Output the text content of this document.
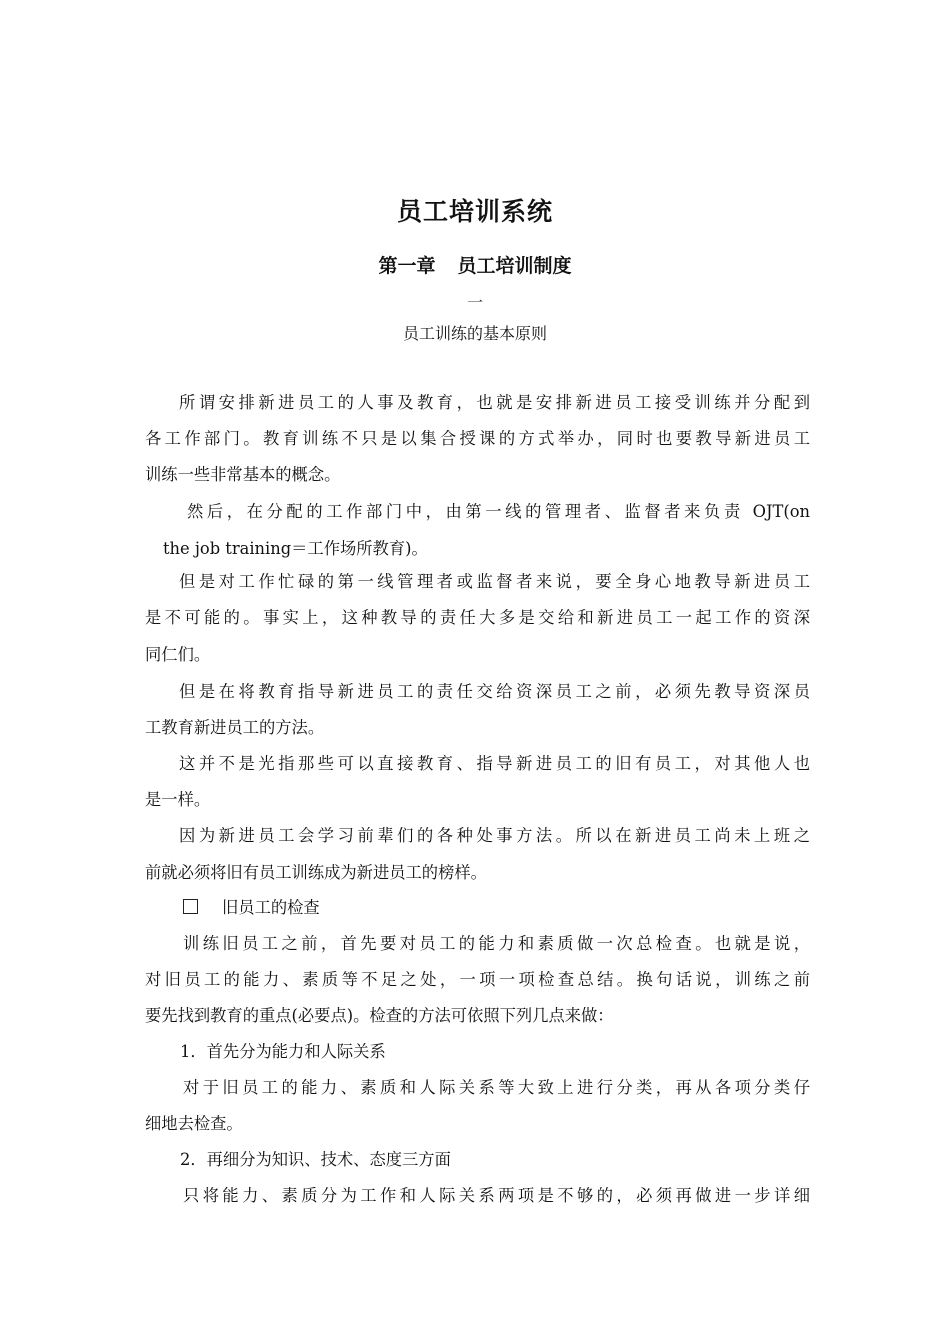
员工培训系统
第一章 员工培训制度
一
员工训练的基本原则
所谓安排新进员工的人事及教育，也就是安排新进员工接受训练并分配到
各工作部门。教育训练不只是以集合授课的方式举办，同时也要教导新进员工
训练一些非常基本的概念。
然后，在分配的工作部门中，由第一线的管理者、监督者来负责 OJT(on
the job training＝工作场所教育)。
但是对工作忙碌的第一线管理者或监督者来说，要全身心地教导新进员工
是不可能的。事实上，这种教导的责任大多是交给和新进员工一起工作的资深
同仁们。
但是在将教育指导新进员工的责任交给资深员工之前，必须先教导资深员
工教育新进员工的方法。
这并不是光指那些可以直接教育、指导新进员工的旧有员工，对其他人也
是一样。
因为新进员工会学习前辈们的各种处事方法。所以在新进员工尚未上班之
前就必须将旧有员工训练成为新进员工的榜样。
旧员工的检查
训练旧员工之前，首先要对员工的能力和素质做一次总检查。也就是说，
对旧员工的能力、素质等不足之处，一项一项检查总结。换句话说，训练之前
要先找到教育的重点(必要点)。检查的方法可依照下列几点来做：
1．首先分为能力和人际关系
对于旧员工的能力、素质和人际关系等大致上进行分类，再从各项分类仔
细地去检查。
2．再细分为知识、技术、态度三方面
只将能力、素质分为工作和人际关系两项是不够的，必须再做进一步详细
